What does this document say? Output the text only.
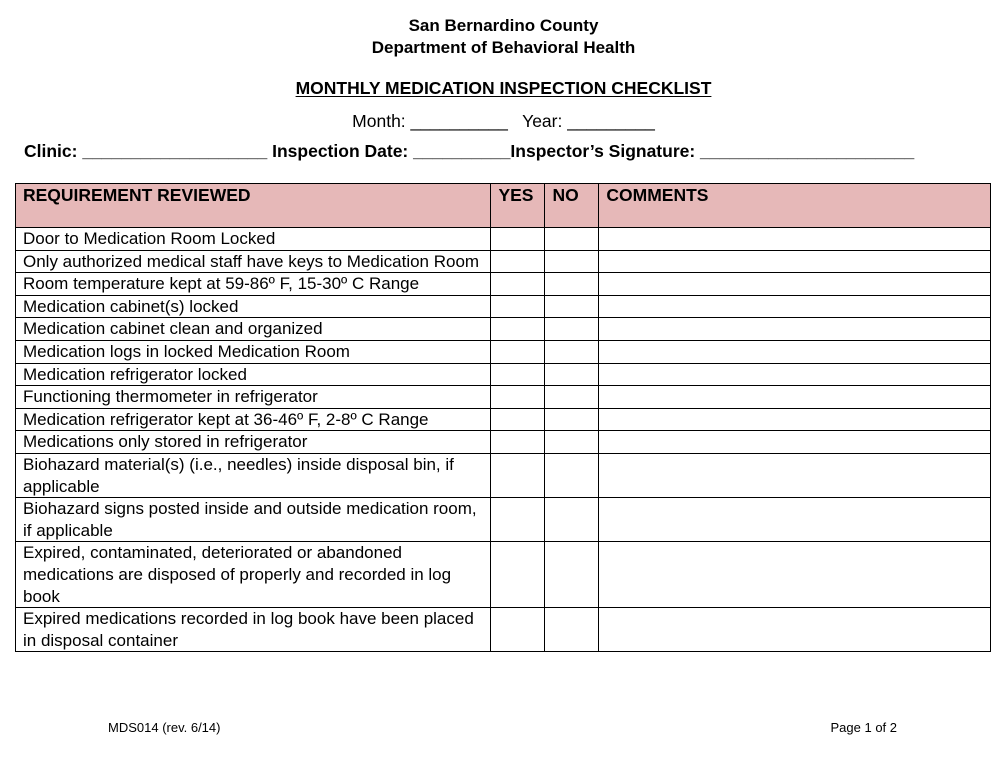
San Bernardino County
Department of Behavioral Health
MONTHLY MEDICATION INSPECTION CHECKLIST
Month: __________   Year: _________
Clinic: ___________________ Inspection Date: __________Inspector’s Signature: ______________________
REQUIREMENT REVIEWED	YES	NO	COMMENTS
Door to Medication Room Locked			
Only authorized medical staff have keys to Medication Room			
Room temperature kept at 59-86º F, 15-30º C Range			
Medication cabinet(s) locked			
Medication cabinet clean and organized			
Medication logs in locked Medication Room			
Medication refrigerator locked			
Functioning thermometer in refrigerator			
Medication refrigerator kept at 36-46º F, 2-8º C Range			
Medications only stored in refrigerator			
Biohazard material(s) (i.e., needles) inside disposal bin, if applicable			
Biohazard signs posted inside and outside medication room, if applicable			
Expired, contaminated, deteriorated or abandoned medications are disposed of properly and recorded in log book			
Expired medications recorded in log book have been placed in disposal container			
MDS014 (rev. 6/14)	Page 1 of 2
